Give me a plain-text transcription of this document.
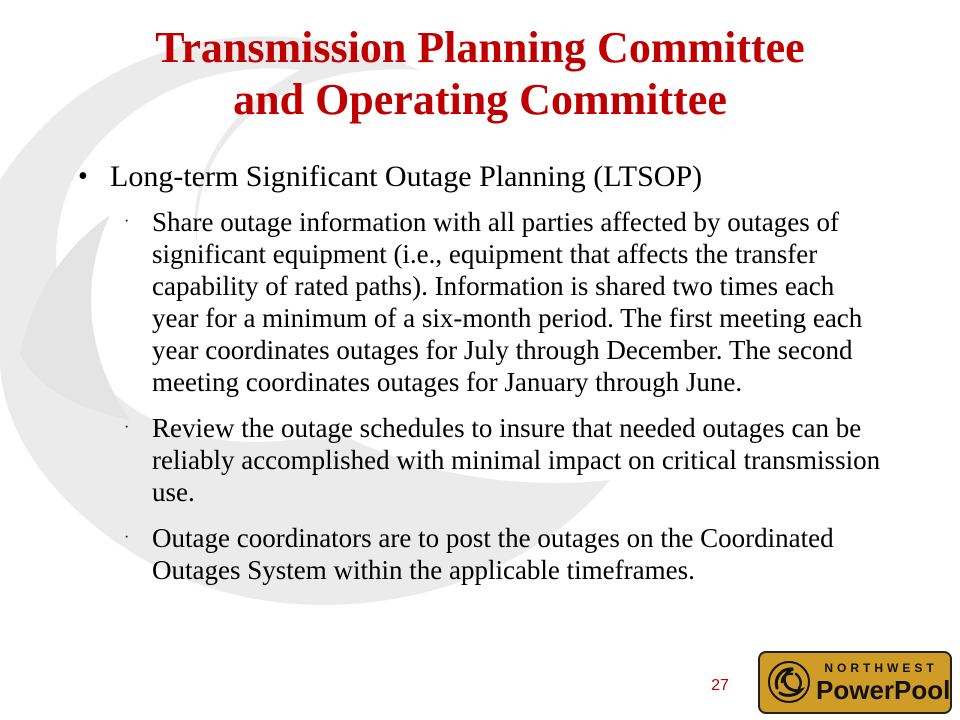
Transmission Planning Committee
and Operating Committee
• Long-term Significant Outage Planning (LTSOP)
· Share outage information with all parties affected by outages of significant equipment (i.e., equipment that affects the transfer capability of rated paths). Information is shared two times each year for a minimum of a six-month period. The first meeting each year coordinates outages for July through December. The second meeting coordinates outages for January through June.
· Review the outage schedules to insure that needed outages can be reliably accomplished with minimal impact on critical transmission use.
· Outage coordinators are to post the outages on the Coordinated Outages System within the applicable timeframes.
27
NORTHWEST
PowerPool
